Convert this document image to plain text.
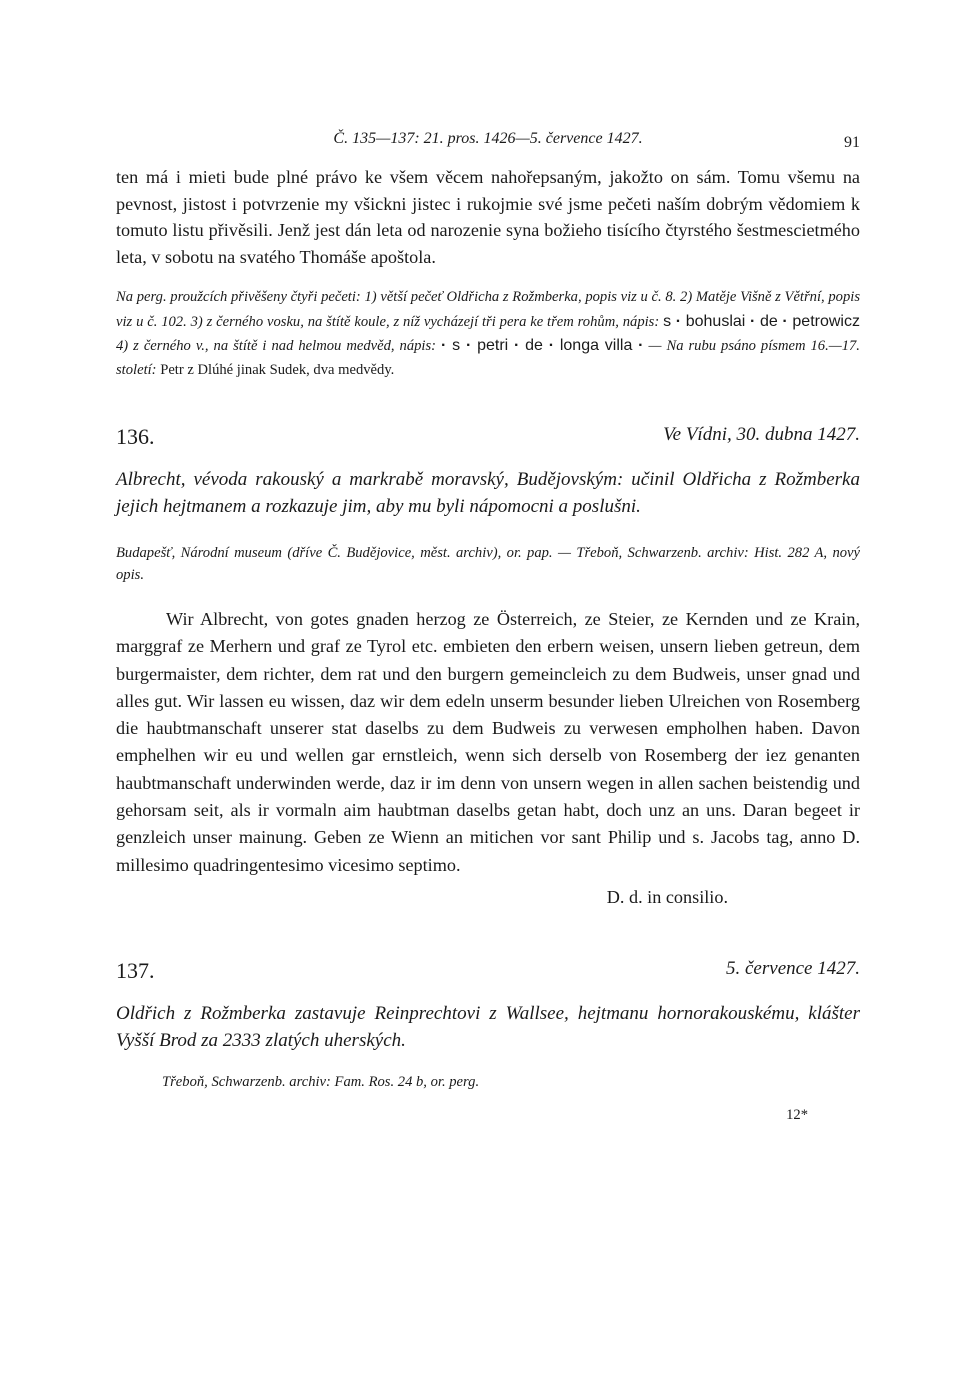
Č. 135—137: 21. pros. 1426—5. července 1427.	91

ten má i mieti bude plné právo ke všem věcem nahořepsaným, jakožto on sám. Tomu všemu na pevnost, jistost i potvrzenie my všickni jistec i rukojmie své jsme pečeti naším dobrým vědomiem k tomuto listu přivěsili. Jenž jest dán leta od narozenie syna božieho tisícího čtyrstého šestmescietmého leta, v sobotu na svatého Thomáše apoštola.

Na perg. proužcích přivěšeny čtyři pečeti: 1) větší pečeť Oldřicha z Rožmberka, popis viz u č. 8. 2) Matěje Višně z Větřní, popis viz u č. 102. 3) z černého vosku, na štítě koule, z níž vycházejí tři pera ke třem rohům, nápis: s · bohuslai · de · petrowicz 4) z černého v., na štítě i nad helmou medvěd, nápis: · s · petri · de · longa villa · — Na rubu psáno písmem 16.—17. století: Petr z Dlúhé jinak Sudek, dva medvědy.

136.	Ve Vídni, 30. dubna 1427.

Albrecht, vévoda rakouský a markrabě moravský, Budějovským: učinil Oldřicha z Rožmberka jejich hejtmanem a rozkazuje jim, aby mu byli nápomocni a poslušni.

Budapešť, Národní museum (dříve Č. Budějovice, měst. archiv), or. pap. — Třeboň, Schwarzenb. archiv: Hist. 282 A, nový opis.

Wir Albrecht, von gotes gnaden herzog ze Österreich, ze Steier, ze Kernden und ze Krain, marggraf ze Merhern und graf ze Tyrol etc. embieten den erbern weisen, unsern lieben getreun, dem burgermaister, dem richter, dem rat und den burgern gemeincleich zu dem Budweis, unser gnad und alles gut. Wir lassen eu wissen, daz wir dem edeln unserm besunder lieben Ulreichen von Rosemberg die haubtmanschaft unserer stat daselbs zu dem Budweis zu verwesen empholhen haben. Davon emphelhen wir eu und wellen gar ernstleich, wenn sich derselb von Rosemberg der iez genanten haubtmanschaft underwinden werde, daz ir im denn von unsern wegen in allen sachen beistendig und gehorsam seit, als ir vormaln aim haubtman daselbs getan habt, doch unz an uns. Daran begeet ir genzleich unser mainung. Geben ze Wienn an mitichen vor sant Philip und s. Jacobs tag, anno D. millesimo quadringentesimo vicesimo septimo.

D. d. in consilio.
137.	5. července 1427.

Oldřich z Rožmberka zastavuje Reinprechtovi z Wallsee, hejtmanu hornorakouskému, klášter Vyšší Brod za 2333 zlatých uherských.

Třeboň, Schwarzenb. archiv: Fam. Ros. 24 b, or. perg.

12*
